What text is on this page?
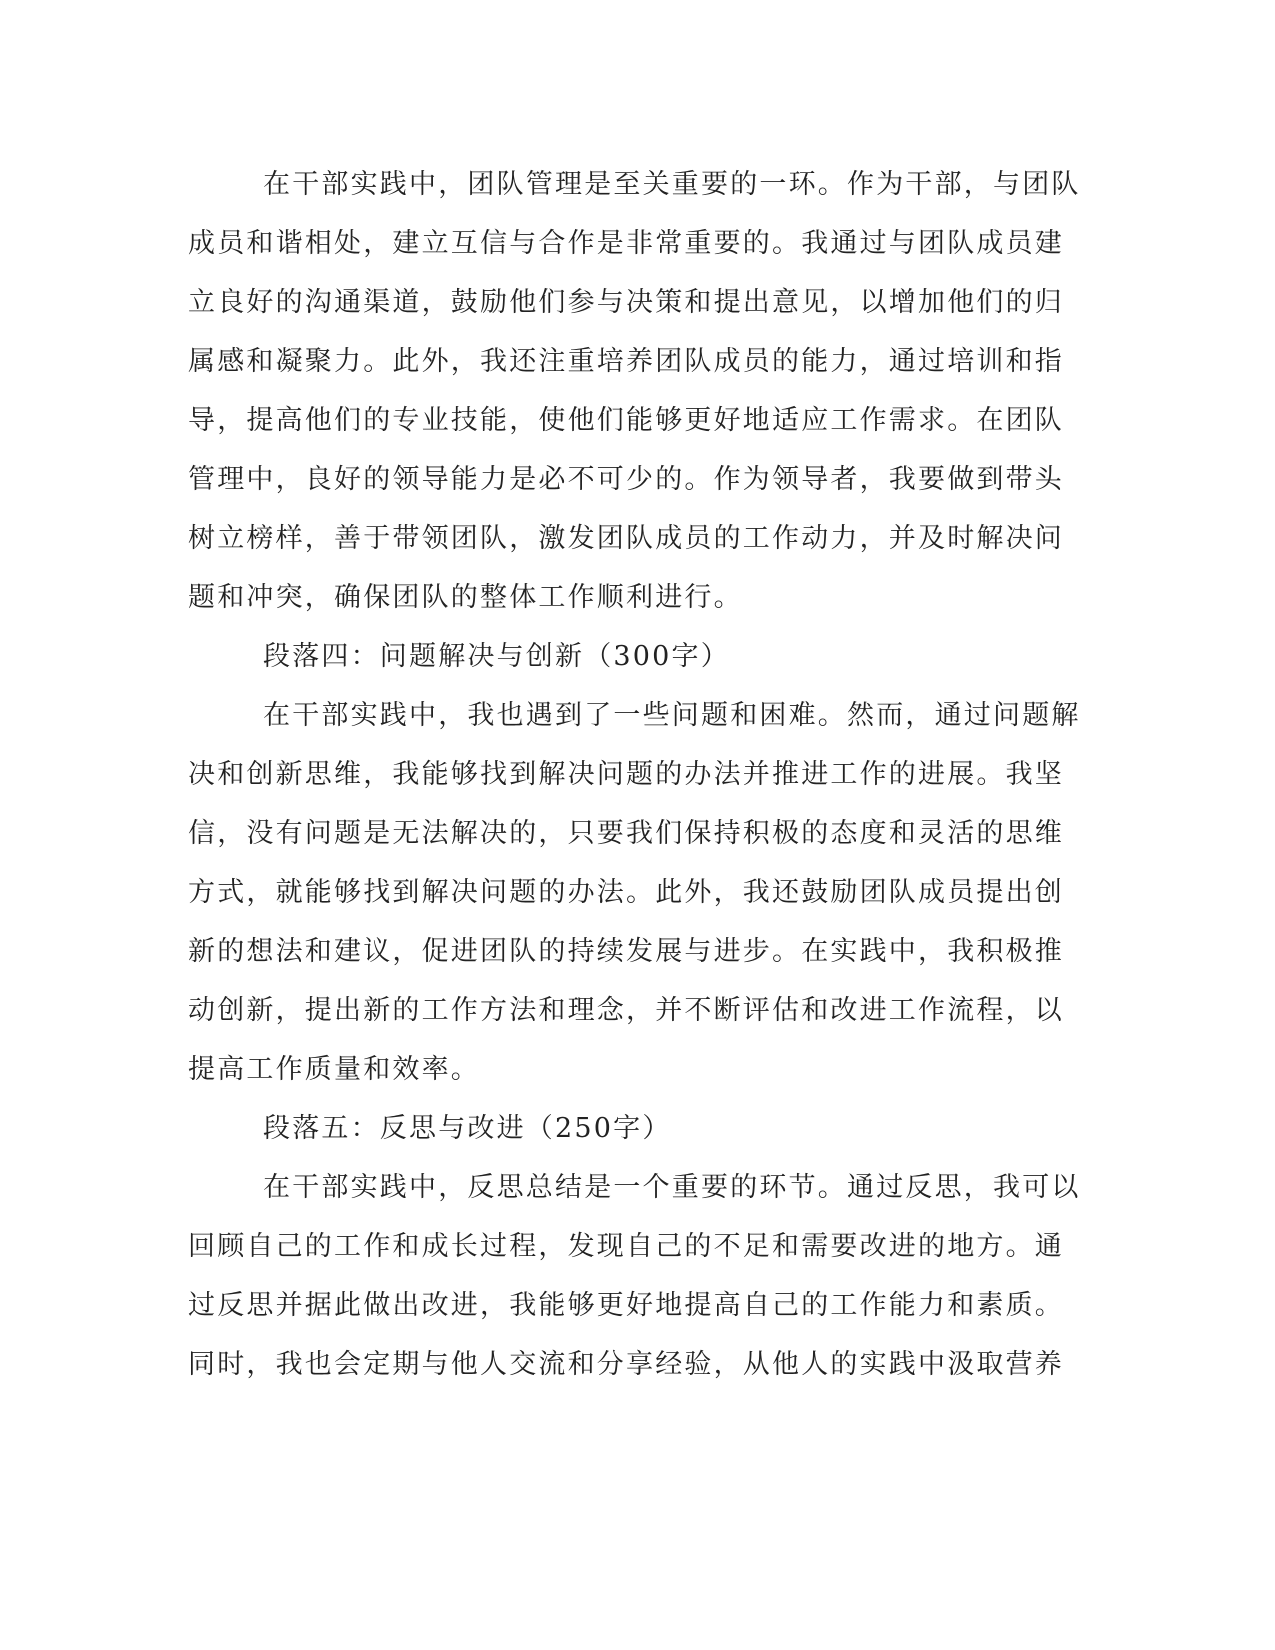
在干部实践中，团队管理是至关重要的一环。作为干部，与团队
成员和谐相处，建立互信与合作是非常重要的。我通过与团队成员建
立良好的沟通渠道，鼓励他们参与决策和提出意见，以增加他们的归
属感和凝聚力。此外，我还注重培养团队成员的能力，通过培训和指
导，提高他们的专业技能，使他们能够更好地适应工作需求。在团队
管理中，良好的领导能力是必不可少的。作为领导者，我要做到带头
树立榜样，善于带领团队，激发团队成员的工作动力，并及时解决问
题和冲突，确保团队的整体工作顺利进行。
段落四：问题解决与创新（300字）
在干部实践中，我也遇到了一些问题和困难。然而，通过问题解
决和创新思维，我能够找到解决问题的办法并推进工作的进展。我坚
信，没有问题是无法解决的，只要我们保持积极的态度和灵活的思维
方式，就能够找到解决问题的办法。此外，我还鼓励团队成员提出创
新的想法和建议，促进团队的持续发展与进步。在实践中，我积极推
动创新，提出新的工作方法和理念，并不断评估和改进工作流程，以
提高工作质量和效率。
段落五：反思与改进（250字）
在干部实践中，反思总结是一个重要的环节。通过反思，我可以
回顾自己的工作和成长过程，发现自己的不足和需要改进的地方。通
过反思并据此做出改进，我能够更好地提高自己的工作能力和素质。
同时，我也会定期与他人交流和分享经验，从他人的实践中汲取营养
